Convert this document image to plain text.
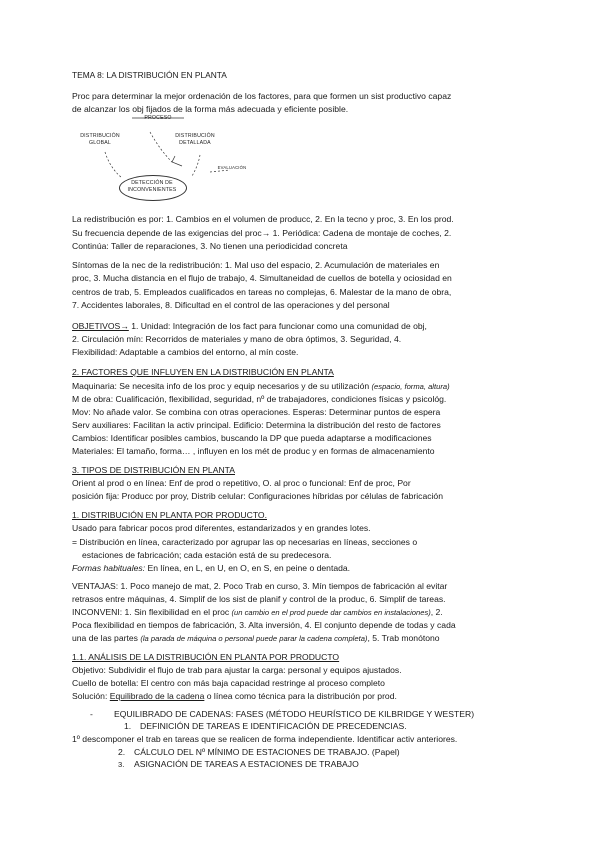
PROCESO
DISTRIBUCIÓN
GLOBAL
DISTRIBUCIÓN
DETALLADA
EVALUACIÓN
DETECCIÓN DE
INCONVENIENTES
TEMA 8: LA DISTRIBUCIÓN EN PLANTA
Proc para determinar la mejor ordenación de los factores, para que formen un sist productivo capaz
de alcanzar los obj fijados de la forma más adecuada y eficiente posible.
La redistribución es por: 1. Cambios en el volumen de producc, 2. En la tecno y proc, 3. En los prod.
Su frecuencia depende de las exigencias del proc→ 1. Periódica: Cadena de montaje de coches, 2.
Continúa: Taller de reparaciones, 3. No tienen una periodicidad concreta
Síntomas de la nec de la redistribución: 1. Mal uso del espacio, 2. Acumulación de materiales en
proc, 3. Mucha distancia en el flujo de trabajo, 4. Simultaneidad de cuellos de botella y ociosidad en
centros de trab, 5. Empleados cualificados en tareas no complejas, 6. Malestar de la mano de obra,
7. Accidentes laborales, 8. Dificultad en el control de las operaciones y del personal
OBJETIVOS→ 1. Unidad: Integración de los fact para funcionar como una comunidad de obj,
2. Circulación mín: Recorridos de materiales y mano de obra óptimos, 3. Seguridad, 4.
Flexibilidad: Adaptable a cambios del entorno, al mín coste.
2. FACTORES QUE INFLUYEN EN LA DISTRIBUCIÓN EN PLANTA
Maquinaria: Se necesita info de los proc y equip necesarios y de su utilización (espacio, forma, altura)
M de obra: Cualificación, flexibilidad, seguridad, nº de trabajadores, condiciones físicas y psicológ.
Mov: No añade valor. Se combina con otras operaciones. Esperas: Determinar puntos de espera
Serv auxiliares: Facilitan la activ principal. Edificio: Determina la distribución del resto de factores
Cambios: Identificar posibles cambios, buscando la DP que pueda adaptarse a modificaciones
Materiales: El tamaño, forma… , influyen en los mét de produc y en formas de almacenamiento
3. TIPOS DE DISTRIBUCIÓN EN PLANTA
Orient al prod o en línea: Enf de prod o repetitivo, O. al proc o funcional: Enf de proc, Por
posición fija: Producc por proy, Distrib celular: Configuraciones híbridas por células de fabricación
1. DISTRIBUCIÓN EN PLANTA POR PRODUCTO.
Usado para fabricar pocos prod diferentes, estandarizados y en grandes lotes.
= Distribución en línea, caracterizado por agrupar las op necesarias en líneas, secciones o
estaciones de fabricación; cada estación está de su predecesora.
Formas habituales: En línea, en L, en U, en O, en S, en peine o dentada.
VENTAJAS: 1. Poco manejo de mat, 2. Poco Trab en curso, 3. Mín tiempos de fabricación al evitar
retrasos entre máquinas, 4. Simplif de los sist de planif y control de la produc, 6. Simplif de tareas.
INCONVENI: 1. Sin flexibilidad en el proc (un cambio en el prod puede dar cambios en instalaciones), 2.
Poca flexibilidad en tiempos de fabricación, 3. Alta inversión, 4. El conjunto depende de todas y cada
una de las partes (la parada de máquina o personal puede parar la cadena completa), 5. Trab monótono
1.1. ANÁLISIS DE LA DISTRIBUCIÓN EN PLANTA POR PRODUCTO
Objetivo: Subdividir el flujo de trab para ajustar la carga: personal y equipos ajustados.
Cuello de botella: El centro con más baja capacidad restringe al proceso completo
Solución: Equilibrado de la cadena o línea como técnica para la distribución por prod.
- EQUILIBRADO DE CADENAS: FASES (MÉTODO HEURÍSTICO DE KILBRIDGE Y WESTER)
1. DEFINICIÓN DE TAREAS E IDENTIFICACIÓN DE PRECEDENCIAS.
1º descomponer el trab en tareas que se realicen de forma independiente. Identificar activ anteriores.
2. CÁLCULO DEL Nº MÍNIMO DE ESTACIONES DE TRABAJO. (Papel)
3. ASIGNACIÓN DE TAREAS A ESTACIONES DE TRABAJO
